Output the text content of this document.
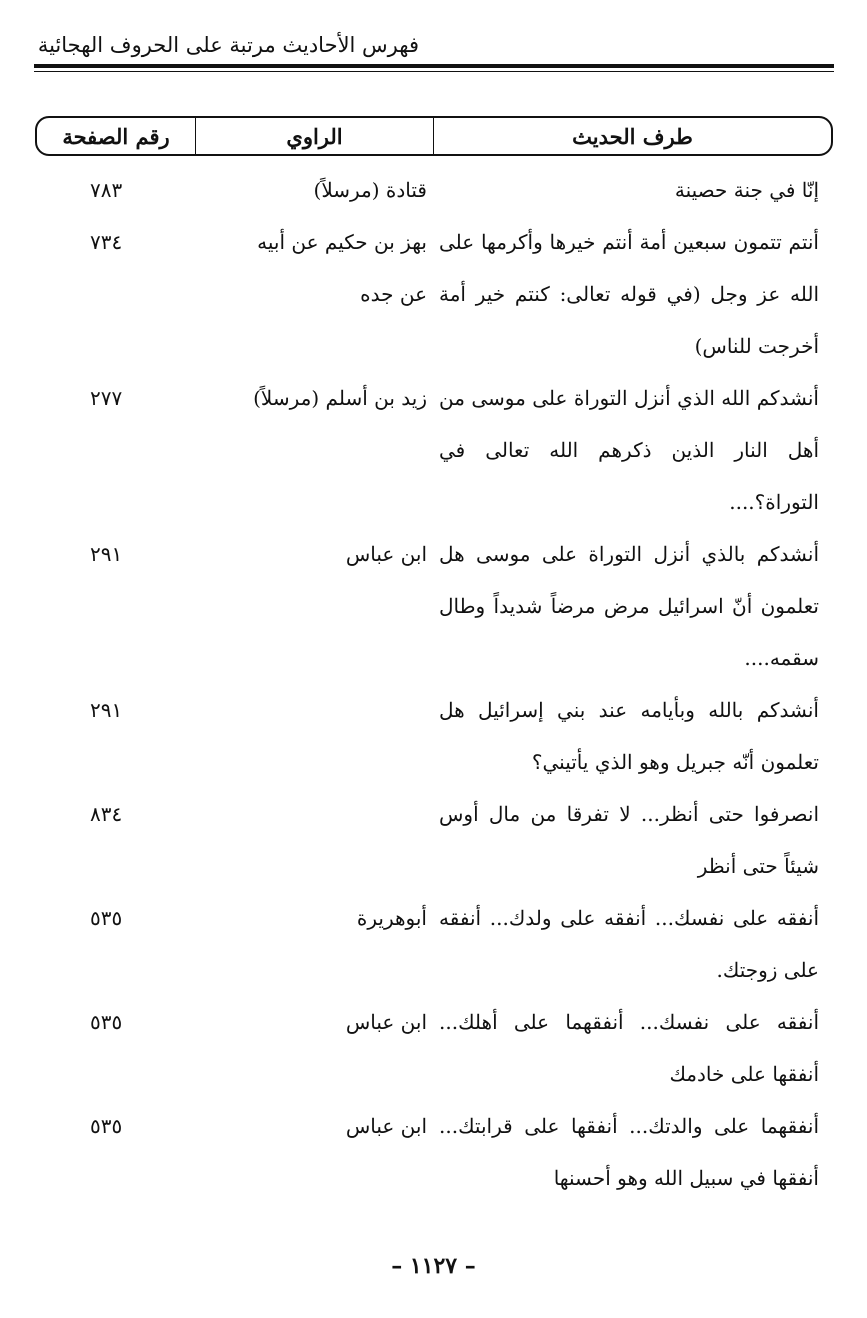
فهرس الأحاديث مرتبة على الحروف الهجائية
طرف الحديث
الراوي
رقم الصفحة
إنّا في جنة حصينة
قتادة (مرسلاً)
٧٨٣
أنتم تتمون سبعين أمة أنتم خيرها وأكرمها على الله عز وجل (في قوله تعالى: كنتم خير أمة أخرجت للناس)
بهز بن حكيم عن أبيه عن جده
٧٣٤
أنشدكم الله الذي أنزل التوراة على موسى من أهل النار الذين ذكرهم الله تعالى في التوراة؟....
زيد بن أسلم (مرسلاً)
٢٧٧
أنشدكم بالذي أنزل التوراة على موسى هل تعلمون أنّ اسرائيل مرض مرضاً شديداً وطال سقمه....
ابن عباس
٢٩١
أنشدكم بالله وبأيامه عند بني إسرائيل هل تعلمون أنّه جبريل وهو الذي يأتيني؟
٢٩١
انصرفوا حتى أنظر... لا تفرقا من مال أوس شيئاً حتى أنظر
٨٣٤
أنفقه على نفسك... أنفقه على ولدك... أنفقه على زوجتك.
أبوهريرة
٥٣٥
أنفقه على نفسك... أنفقهما على أهلك... أنفقها على خادمك
ابن عباس
٥٣٥
أنفقهما على والدتك... أنفقها على قرابتك... أنفقها في سبيل الله وهو أحسنها
ابن عباس
٥٣٥
– ١١٢٧ –
